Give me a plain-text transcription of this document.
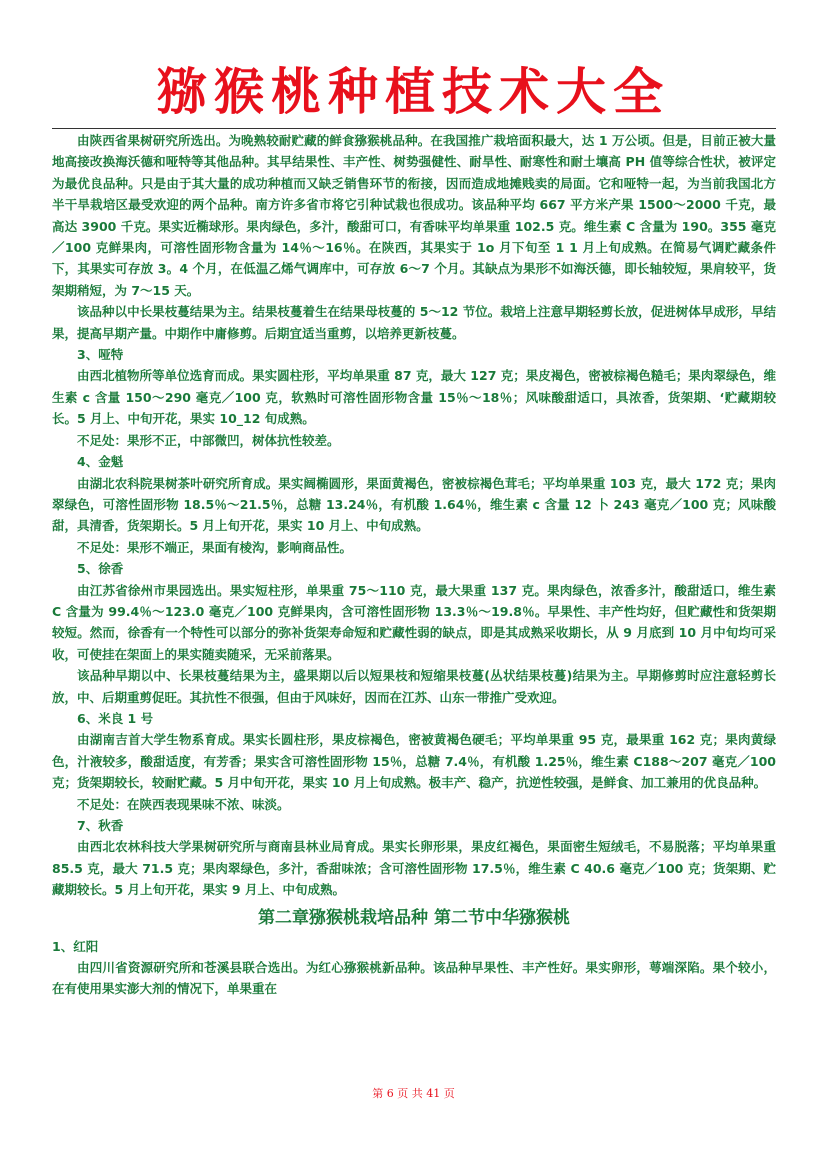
猕猴桃种植技术大全

由陕西省果树研究所选出。为晚熟较耐贮藏的鲜食猕猴桃品种。在我国推广栽培面积最大，达 1 万公顷。但是，目前正被大量地高接改换海沃德和哑特等其他品种。其早结果性、丰产性、树势强健性、耐旱性、耐寒性和耐土壤高 PH 值等综合性状，被评定为最优良品种。只是由于其大量的成功种植而又缺乏销售环节的衔接，因而造成地摊贱卖的局面。它和哑特一起，为当前我国北方半干旱栽培区最受欢迎的两个品种。南方许多省市将它引种试栽也很成功。该品种平均 667 平方米产果 1500～2000 千克，最高达 3900 千克。果实近椭球形。果肉绿色，多汁，酸甜可口，有香味平均单果重 102.5 克。维生素 C 含量为 190。355 毫克／100 克鲜果肉，可溶性固形物含量为 14％～16％。在陕西，其果实于 1o 月下旬至 1 1 月上旬成熟。在简易气调贮藏条件下，其果实可存放 3。4 个月，在低温乙烯气调库中，可存放 6～7 个月。其缺点为果形不如海沃德，即长轴较短，果肩较平，货架期稍短，为 7～15 天。

该品种以中长果枝蔓结果为主。结果枝蔓着生在结果母枝蔓的 5～12 节位。栽培上注意早期轻剪长放，促进树体早成形，早结果，提高早期产量。中期作中庸修剪。后期宜适当重剪，以培养更新枝蔓。

3、哑特

由西北植物所等单位选育而成。果实圆柱形，平均单果重 87 克，最大 127 克；果皮褐色，密被棕褐色糙毛；果肉翠绿色，维生素 c 含量 150～290 毫克／100 克，软熟时可溶性固形物含量 15％～18％；风味酸甜适口，具浓香，货架期、‘贮藏期较长。5 月上、中旬开花，果实 10_12 旬成熟。

不足处：果形不正，中部微凹，树体抗性较差。

4、金魁

由湖北农科院果树茶叶研究所育成。果实阔椭圆形，果面黄褐色，密被棕褐色茸毛；平均单果重 103 克，最大 172 克；果肉翠绿色，可溶性固形物 18.5％～21.5％，总糖 13.24％，有机酸 1.64％，维生素 c 含量 12 卜 243 毫克／100 克；风味酸甜，具清香，货架期长。5 月上旬开花，果实 10 月上、中旬成熟。

不足处：果形不端正，果面有棱沟，影响商品性。

5、徐香

由江苏省徐州市果园选出。果实短柱形，单果重 75～110 克，最大果重 137 克。果肉绿色，浓香多汁，酸甜适口，维生素 C 含量为 99.4％～123.0 毫克／100 克鲜果肉，含可溶性固形物 13.3％～19.8％。早果性、丰产性均好，但贮藏性和货架期较短。然而，徐香有一个特性可以部分的弥补货架寿命短和贮藏性弱的缺点，即是其成熟采收期长，从 9 月底到 10 月中旬均可采收，可使挂在架面上的果实随卖随采，无采前落果。

该品种早期以中、长果枝蔓结果为主，盛果期以后以短果枝和短缩果枝蔓(丛状结果枝蔓)结果为主。早期修剪时应注意轻剪长放，中、后期重剪促旺。其抗性不很强，但由于风味好，因而在江苏、山东一带推广受欢迎。

6、米良 1 号

由湖南吉首大学生物系育成。果实长圆柱形，果皮棕褐色，密被黄褐色硬毛；平均单果重 95 克，最果重 162 克；果肉黄绿色，汁液较多，酸甜适度，有芳香；果实含可溶性固形物 15％，总糖 7.4％，有机酸 1.25％，维生素 C188～207 毫克／100 克；货架期较长，较耐贮藏。5 月中旬开花，果实 10 月上旬成熟。极丰产、稳产，抗逆性较强，是鲜食、加工兼用的优良品种。

不足处：在陕西表现果味不浓、味淡。

7、秋香

由西北农林科技大学果树研究所与商南县林业局育成。果实长卵形果，果皮红褐色，果面密生短绒毛，不易脱落；平均单果重 85.5 克，最大 71.5 克；果肉翠绿色，多汁，香甜味浓；含可溶性固形物 17.5％，维生素 C 40.6 毫克／100 克；货架期、贮藏期较长。5 月上旬开花，果实 9 月上、中旬成熟。

第二章猕猴桃栽培品种 第二节中华猕猴桃

1、红阳

由四川省资源研究所和苍溪县联合选出。为红心猕猴桃新品种。该品种早果性、丰产性好。果实卵形，萼端深陷。果个较小，在有使用果实澎大剂的情况下，单果重在

第 6 页 共 41 页
